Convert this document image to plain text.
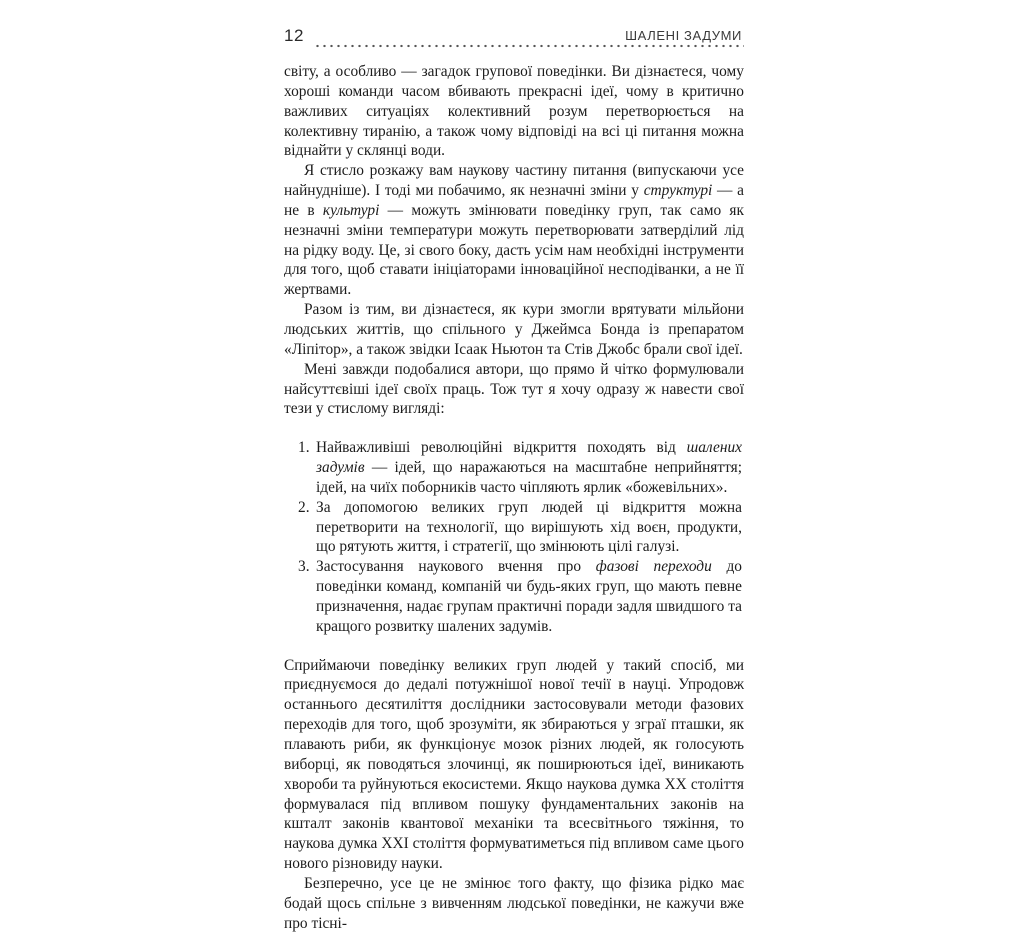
12	ШАЛЕНІ ЗАДУМИ

світу, а особливо — загадок групової поведінки. Ви дізнаєтеся, чому хороші команди часом вбивають прекрасні ідеї, чому в критично важливих ситуаціях колективний розум перетворюється на колективну тиранію, а також чому відповіді на всі ці питання можна віднайти у склянці води.

Я стисло розкажу вам наукову частину питання (випускаючи усе найнудніше). І тоді ми побачимо, як незначні зміни у структурі — а не в культурі — можуть змінювати поведінку груп, так само як незначні зміни температури можуть перетворювати затверділий лід на рідку воду. Це, зі свого боку, дасть усім нам необхідні інструменти для того, щоб ставати ініціаторами інноваційної несподіванки, а не її жертвами.

Разом із тим, ви дізнаєтеся, як кури змогли врятувати мільйони людських життів, що спільного у Джеймса Бонда із препаратом «Ліпітор», а також звідки Ісаак Ньютон та Стів Джобс брали свої ідеї.

Мені завжди подобалися автори, що прямо й чітко формулювали найсуттєвіші ідеї своїх праць. Тож тут я хочу одразу ж навести свої тези у стислому вигляді:

1. Найважливіші революційні відкриття походять від шалених задумів — ідей, що наражаються на масштабне неприйняття; ідей, на чиїх поборників часто чіпляють ярлик «божевільних».
2. За допомогою великих груп людей ці відкриття можна перетворити на технології, що вирішують хід воєн, продукти, що рятують життя, і стратегії, що змінюють цілі галузі.
3. Застосування наукового вчення про фазові переходи до поведінки команд, компаній чи будь-яких груп, що мають певне призначення, надає групам практичні поради задля швидшого та кращого розвитку шалених задумів.

Сприймаючи поведінку великих груп людей у такий спосіб, ми приєднуємося до дедалі потужнішої нової течії в науці. Упродовж останнього десятиліття дослідники застосовували методи фазових переходів для того, щоб зрозуміти, як збираються у зграї пташки, як плавають риби, як функціонує мозок різних людей, як голосують виборці, як поводяться злочинці, як поширюються ідеї, виникають хвороби та руйнуються екосистеми. Якщо наукова думка XX століття формувалася під впливом пошуку фундаментальних законів на кшталт законів квантової механіки та всесвітнього тяжіння, то наукова думка XXI століття формуватиметься під впливом саме цього нового різновиду науки.

Безперечно, усе це не змінює того факту, що фізика рідко має бодай щось спільне з вивченням людської поведінки, не кажучи вже про тісні-
